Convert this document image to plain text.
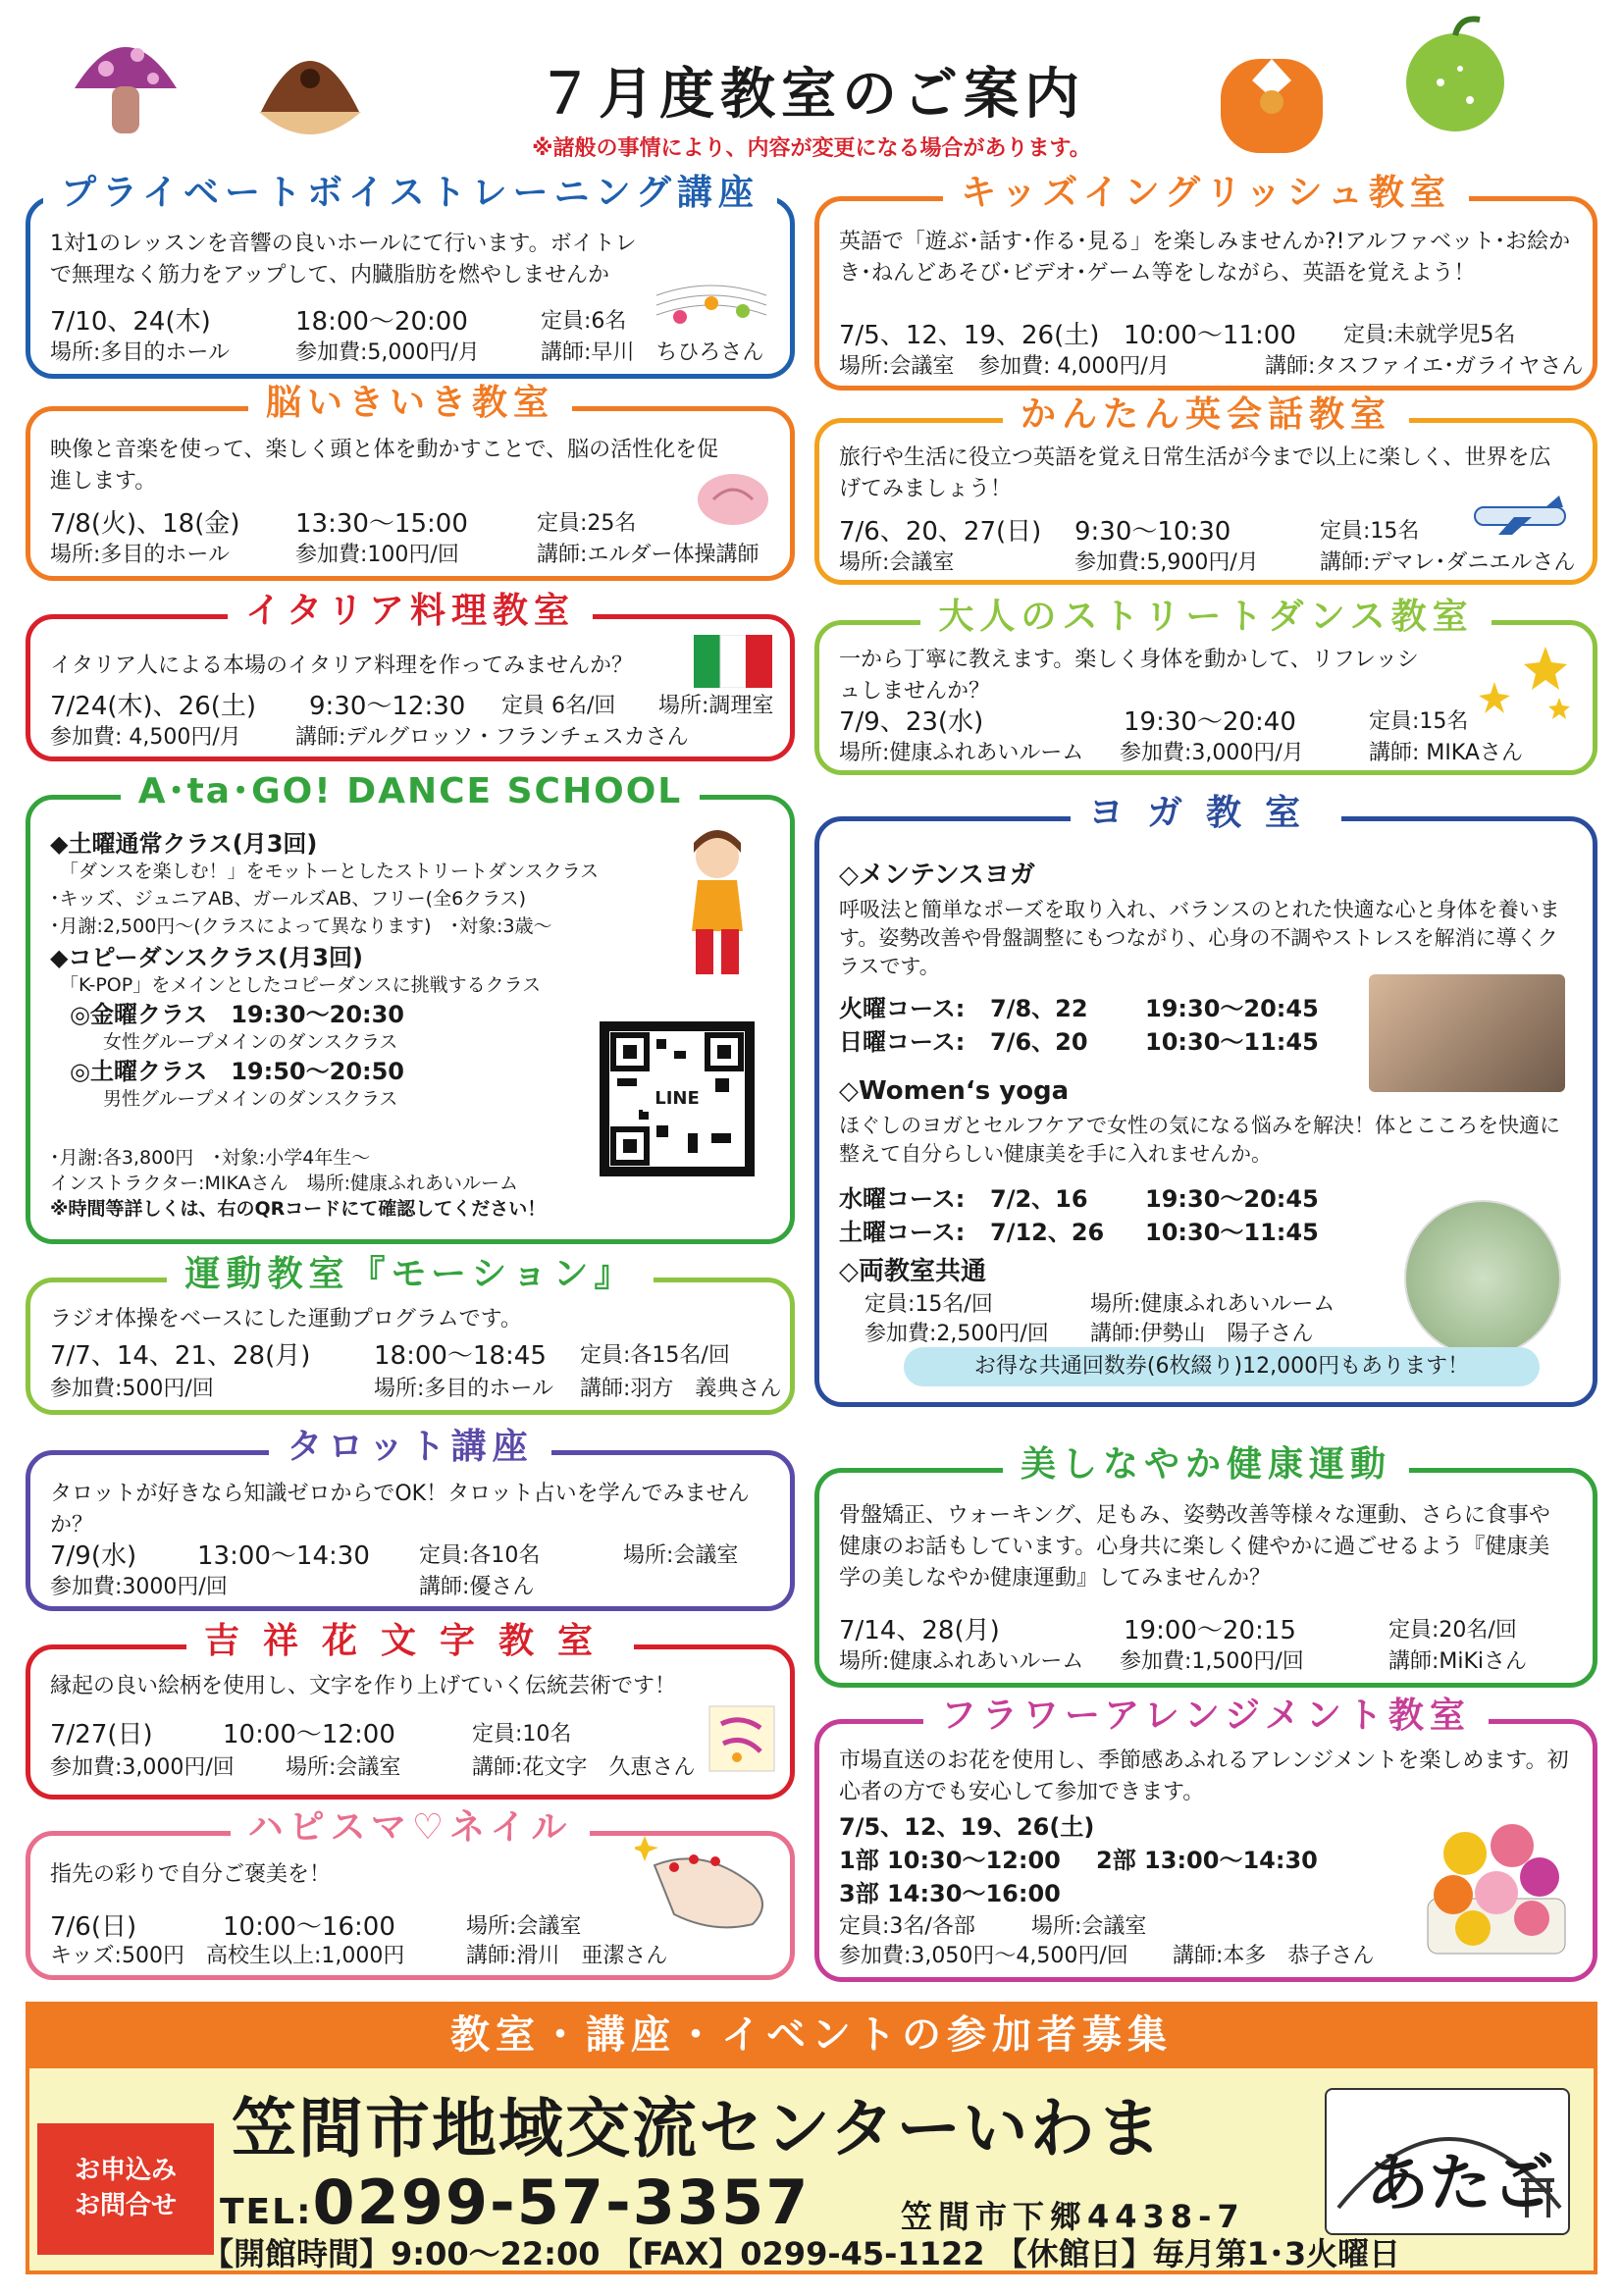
７月度教室のご案内
※諸般の事情により、内容が変更になる場合があります。
プライベートボイストレーニング講座
1対1のレッスンを音響の良いホールにて行います。ボイトレで無理なく筋力をアップして、内臓脂肪を燃やしませんか
7/10、24(木)	18:00～20:00	定員:6名
場所:多目的ホール	参加費:5,000円/月	講師:早川　ちひろさん
脳いきいき教室
映像と音楽を使って、楽しく頭と体を動かすことで、脳の活性化を促進します。
7/8(火)、18(金) 13:30～15:00	定員:25名
場所:多目的ホール	参加費:100円/回	講師:エルダー体操講師
イタリア料理教室
イタリア人による本場のイタリア料理を作ってみませんか？
7/24(木)、26(土) 9:30～12:30 定員 6名/回 場所:調理室
参加費: 4,500円/月	講師:デルグロッソ・フランチェスカさん
A･ta･GO! DANCE SCHOOL
◆土曜通常クラス(月3回)
「ダンスを楽しむ！」をモットーとしたストリートダンスクラス
･キッズ、ジュニアAB、ガールズAB、フリー(全6クラス)
･月謝:2,500円～(クラスによって異なります)　･対象:3歳～
◆コピーダンスクラス(月3回)
「K-POP」をメインとしたコピーダンスに挑戦するクラス
◎金曜クラス　19:30～20:30
女性グループメインのダンスクラス
◎土曜クラス　19:50～20:50
男性グループメインのダンスクラス
･月謝:各3,800円　･対象:小学4年生～
インストラクター:MIKAさん　場所:健康ふれあいルーム
※時間等詳しくは、右のQRコードにて確認してください！
LINE
運動教室『モーション』
ラジオ体操をベースにした運動プログラムです。
7/7、14、21、28(月) 18:00～18:45 定員:各15名/回
参加費:500円/回	場所:多目的ホール 講師:羽方　義典さん
タロット講座
タロットが好きなら知識ゼロからでOK！タロット占いを学んでみませんか？
7/9(水) 13:00～14:30 定員:各10名	場所:会議室
参加費:3000円/回	講師:優さん
吉祥花文字教室
縁起の良い絵柄を使用し、文字を作り上げていく伝統芸術です！
7/27(日)	10:00～12:00	定員:10名
参加費:3,000円/回 場所:会議室	講師:花文字　久恵さん
ハピスマ♡ネイル
指先の彩りで自分ご褒美を！
7/6(日)	10:00～16:00	場所:会議室
キッズ:500円　高校生以上:1,000円	講師:滑川　亜潔さん
キッズイングリッシュ教室
英語で「遊ぶ･話す･作る･見る」を楽しみませんか?!アルファベット･お絵かき･ねんどあそび･ビデオ･ゲーム等をしながら、英語を覚えよう！
7/5、12、19、26(土) 10:00～11:00 定員:未就学児5名
場所:会議室 参加費: 4,000円/月	講師:タスファイエ･ガライヤさん
かんたん英会話教室
旅行や生活に役立つ英語を覚え日常生活が今まで以上に楽しく、世界を広げてみましょう！
7/6、20、27(日) 9:30～10:30	定員:15名
場所:会議室	参加費:5,900円/月	講師:デマレ･ダニエルさん
大人のストリートダンス教室
一から丁寧に教えます。楽しく身体を動かして、リフレッシュしませんか？
7/9、23(水)	19:30～20:40	定員:15名
場所:健康ふれあいルーム 参加費:3,000円/月	講師: MIKAさん
ヨガ教室
◇メンテンスヨガ
呼吸法と簡単なポーズを取り入れ、バランスのとれた快適な心と身体を養います。姿勢改善や骨盤調整にもつながり、心身の不調やストレスを解消に導くクラスです。
火曜コース: 7/8、22 19:30～20:45
日曜コース: 7/6、20 10:30～11:45
◇Women‘s yoga
ほぐしのヨガとセルフケアで女性の気になる悩みを解決！体とこころを快適に整えて自分らしい健康美を手に入れませんか。
水曜コース: 7/2、16 19:30～20:45
土曜コース: 7/12、26 10:30～11:45
◇両教室共通
定員:15名/回	場所:健康ふれあいルーム
参加費:2,500円/回 講師:伊勢山　陽子さん
お得な共通回数券(6枚綴り)12,000円もあります！
美しなやか健康運動
骨盤矯正、ウォーキング、足もみ、姿勢改善等様々な運動、さらに食事や健康のお話もしています。心身共に楽しく健やかに過ごせるよう『健康美学の美しなやか健康運動』してみませんか？
7/14、28(月)	19:00～20:15	定員:20名/回
場所:健康ふれあいルーム 参加費:1,500円/回	講師:MiKiさん
フラワーアレンジメント教室
市場直送のお花を使用し、季節感あふれるアレンジメントを楽しめます。初心者の方でも安心して参加できます。
7/5、12、19、26(土)
1部 10:30～12:00 2部 13:00～14:30
3部 14:30～16:00
定員:3名/各部	場所:会議室
参加費:3,050円～4,500円/回 講師:本多　恭子さん
教室・講座・イベントの参加者募集
お申込み
お問合せ
笠間市地域交流センターいわま
TEL:0299-57-3357	笠間市下郷4438-7 あたご
【開館時間】9:00～22:00 【FAX】0299-45-1122 【休館日】毎月第1･3火曜日
